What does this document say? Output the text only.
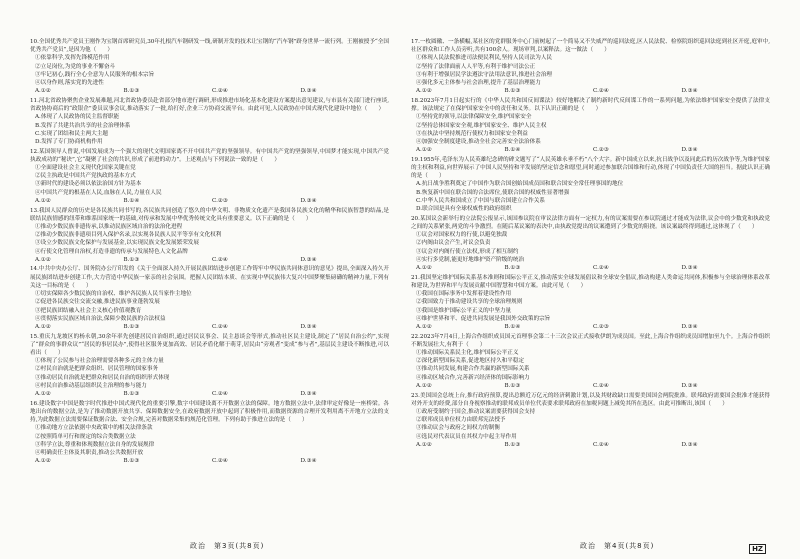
10.全国优秀共产党员王刚作为宝钢首席研究员,30年扎根汽车钢研发一线,研制开发的技术让宝钢的“汽车钢”跻身世界一流行列。王刚被授予“全国优秀共产党员”,是因为他（　　）
①依靠科学,发挥先锋模范作用
②立足岗位,为党的事业不懈奋斗
③牢记初心,践行全心全意为人民服务的根本宗旨
④以身作则,落实党的先进性
A.①②	B.①③	C.②④	D.③④
11.河北省政协聚焦企业发展难题,河北省政协委员赴省部分地市进行调研,形成推进市场化基本化建设方案提出意见建议,与市县有关部门进行座谈,省政协协商后的“政银企”委员议事会议,推动落实了一批,给打好,企业三方协商交流平台。由此可见,人民政协在中国式现代化建设中地位（　　）
A.体现了人民政协的民主监督职能
B.发挥了共建共治共享的社会治理体系
C.实现了团结和民主两大主题
D.发挥了专门协商机构作用
12.某国领导人曾说,中国发展成为一个强大的现代文明国家离不开中国共产党的坚强领导。有中国共产党的坚强领导,中国梦才能实现,中国共产党执政成功的“秘诀”,它“凝聚了社会的共识,形成了前进的动力”。上述观点与下列说法一致的是（　　）
①全面建设社会主义现代化国家关键在党
②民主执政是中国共产党执政的基本方式
③新时代的建设必须以依法治国方针为基本
④中国共产党的根基在人民,血脉在人民,力量在人民
A.①②	B.①④	C.②③	D.③④
13.我国人民群众的历史是各民族共同书写的,各民族共同创造了悠久的中华文明、非物质文化遗产是我国各民族文化的精华和民族智慧的结晶,是联结民族情感的纽带和维系国家统一的基础,对传承和发展中华优秀传统文化具有重要意义。以下正确的是（　　）
①推动少数民族非遗传承,以推动民族区域自治的法治化进程
②推动少数民族非遗项目列入保护名录,以实现各民族人民平等享有文化权利
③设立少数民族文化保护与发展基金,以实现民族文化发展繁荣发展
④行使文化管理自治权,打造非遗的传承与发展特色人文化品牌
A.①②	B.①③	C.②④	D.③④
14.中共中央办公厅、国务院办公厅印发的《关于全面深入持久开展民族团结进步创建工作铸牢中华民族共同体意识的意见》提出,全面深入持久开展民族团结进步创建工作,大力营造中华民族一家亲的社会氛围。把握人民团结本质、在实现中华民族伟大复兴中国梦聚集磅礴的精神力量,下列有关这一目标的是（　　）
①切实保障各少数民族的自治权、维护各民族人民当家作主地位
②促进各民族交往交流交融,推进民族事业蓬勃发展
③把民族团结融入社会主义核心价值观教育
④贯彻落实民族区域自治法,保障少数民族的合法权益
A.①②	B.①③	C.②④	D.③④
15.重庆九龙坡区的杨永朝,30余年率先创建居民自治组织,通过居民议事会、民主恳谈会等形式,推动社区民主建设,制定了“居民自治公约”,实现了“群众的事群众议”“居民的事居民办”,使得社区服务更加高效、居民矛盾化解于萌芽,居民由“旁观者”变成“参与者”,基层民主建设不断推进,可以看出（　　）
①体现了公民参与社会治理需要各种多元的主体力量
②村民自治就是把群众组织、居民管理的国家事务
③推动居民自治就是把群众和居民自治的组织形式体现
④村民自治推动基层组织民主治理的参与能力
A.①②	B.①③	C.②④	D.③④
16.建设数字中国是数字时代推进中国式现代化的重要引擎,数字中国建设离不开数据立法的保障。地方数据立法中,法律审定好像是一座桥梁。各地出台的数据立法,是为了推动数据开放共享、保障数据安全,在政府数据开放中起到了积极作用,而数据资源的合理开发利用离不开地方立法的支持,为此数据立法需要保证数据合法、安全合规,完善对数据采集的规范化管理。下列有助于推进立法的是（　　）
①推动地方立法依据中央政策中的相关法律条款
②按照简单可行和规定的综合类数据立法
③科学立法,尊重和体现数据立法自身的发展规律
④明确责任主体及其职责,推动公共数据开放
A.①②	B.①③	C.②④	D.③④
17.一枚圆徽、一条横幅,某社区的党群服务中心门前树起了一个简易又不失威严的巡回法庭,区人民法院、检察院组织巡回法庭到社区开庭,庭审中,社区群众和工作人员旁听,共有100余人。现场审判,以案释法。这一做法（　　）
①体现人民法院推进司法便民利民,坚持人民司法为人民
②坚持了法律面前人人平等,有利于维护司法公正
③有利于增强居民学法遵法守法用法意识,推进社会治理
④强化多元主体参与社会治理,提升了基层治理能力
A.①②	B.①③	C.②④	D.③④
18.2023年7月1日起实行的《中华人民共和国反间谍法》较好地解决了制约新时代反间谍工作的一系列问题,为依法维护国家安全提供了法律支撑。该法规定了在保护国家安全中的责任和义务。以下认识正确的是（　　）
①坚持党的领导,以法律保障安全,维护国家安全
②坚持总体国家安全观,维护国家安全、维护人民主权
③在执法中坚持规范行使权力和国家安全利益
④加强安全制度建设,推动全社会完善安全法治体系
A.①②	B.①④	C.②③	D.③④
19.1955年,毛泽东为人民英雄纪念碑的碑文题写了“人民英雄永垂不朽”八个大字。新中国成立以来,抗日战争以及同此后的历次战争等,为维护国家的主权和利益,向世界展示了中国人民坚持和平发展的坚定信念和愿望,同时通过参加联合国维和行动,体现了中国负责任大国的担当。据此认识正确的是（　　）
A.抗日战争胜利奠定了中国作为联合国创始国成员国和联合国安全常任理事国的地位
B.恢复新中国在联合国的合法席位,使联合国的权威性显著增强
C.中华人民共和国成立了中国与联合国建立合作关系
D.联合国是具有全球权威性的政府组织
20.某国议会新举行的立法院公报显示,该国参议院在审议法律方面有一定权力,有的议案需要在参议院通过才能成为法律,议会中的少数党和执政党之间的关系紧张,两党的斗争激烈。在随后某议案的表决中,由执政党提出的议案遭到了少数党的阻挠。该议案最终得到通过,这体现了（　　）
①议会对国家权力的行使,以避免独裁
②内阁由议会产生,对议会负责
③议会对内阁行使立法权,形成了相互制约
④实行多党制,能更好地维护资产阶级的统治
A.①②	B.①③	C.②④	D.③④
21.我国坚定维护国际关系基本准则和国际公平正义,推动落实全球发展倡议和全球安全倡议,推动构建人类命运共同体,积极参与全球治理体系改革和建设,为世界和平与发展贡献中国智慧和中国方案。由此可见（　　）
①我国在国际事务中发挥着建设性作用
②我国致力于推动建设共享的全球治理规则
③我国是维护国际公平正义的中坚力量
④维护世界和平、促进共同发展是我国外交政策的宗旨
A.①②	B.①④	C.②③	D.③④
22.2023年7月4日,上海合作组织成员国元首理事会第二十三次会议正式接收伊朗为成员国。至此,上海合作组织成员国增加至九个。上海合作组织不断发展壮大,有利于（　　）
①推动国际关系民主化,维护国际公平正义
②深化新型国际关系,促进地区持久和平稳定
③推动共同发展,构建合作共赢的新型国际关系
④推动区域合作,完善新兴经济体的国际影响力
A.①②	B.①③	C.②④	D.③④
23.美国国会总统上台,推行政府预算,提出总额近万亿元的经济刺激计划,以及其财政缺口需要美国国会两院批准。联邦政府需要国会批准才能获得对外开支的经费,部分自身视察推动的联邦成员单位代表要求联邦政府在加税问题上减免其所在选区。由此可推断出,该国（　　）
①政府受制约于国会,推动议案需要获得国会支持
②联邦成员单位权力由联邦宪法授予
③推动议会与政府之间权力的制衡
④选民对代表议员在其权力中起主导作用
A.①②	B.①③	C.②④	D.③④
政治　第3页(共8页)	政治　第4页(共8页)	HZ
